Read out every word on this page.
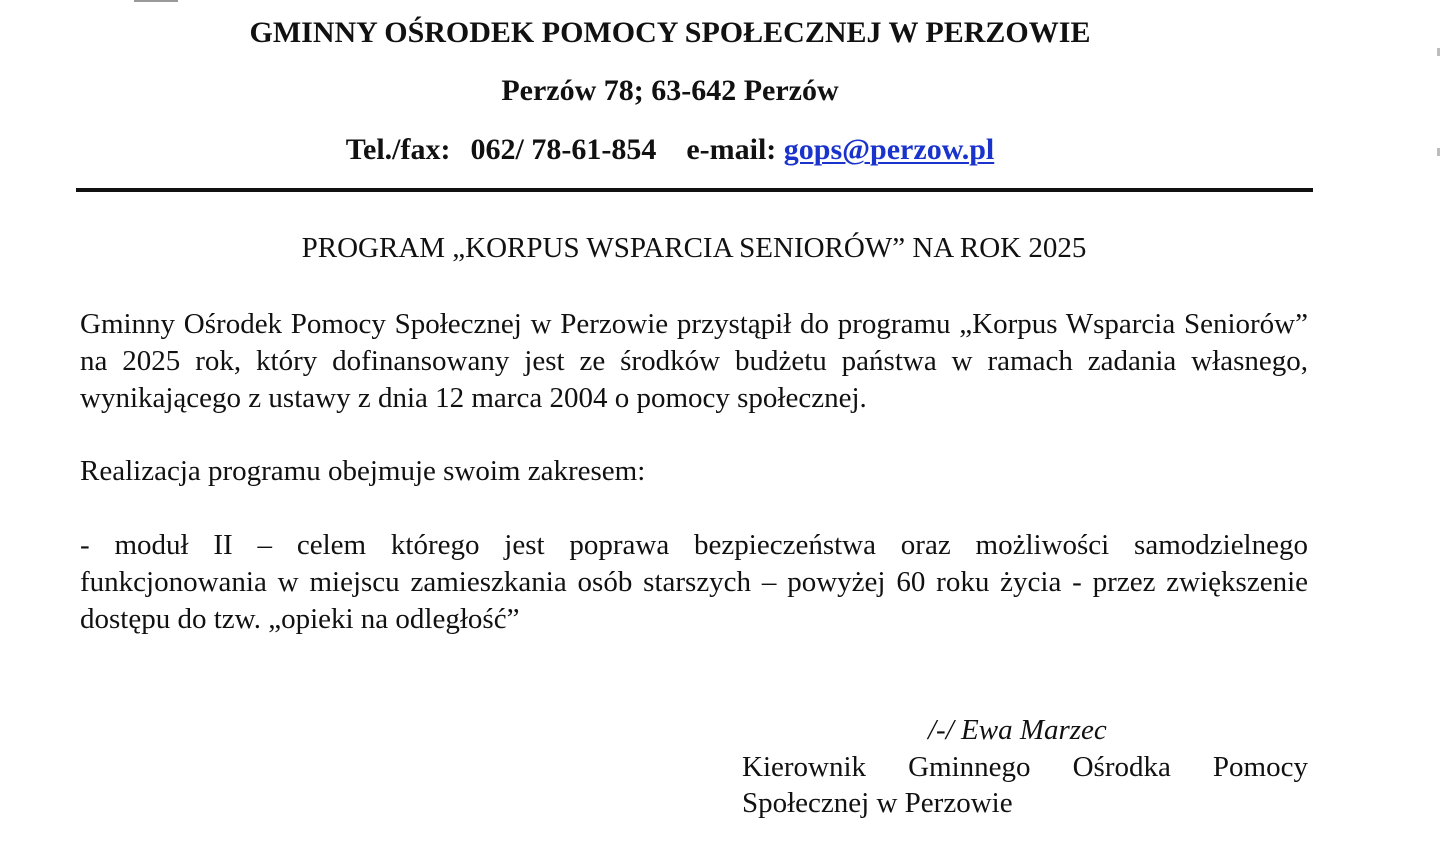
GMINNY OŚRODEK POMOCY SPOŁECZNEJ W PERZOWIE
Perzów 78; 63-642 Perzów
Tel./fax: 062/ 78-61-854 e-mail: gops@perzow.pl
PROGRAM „KORPUS WSPARCIA SENIORÓW” NA ROK 2025

Gminny Ośrodek Pomocy Społecznej w Perzowie przystąpił do programu „Korpus Wsparcia Seniorów” na 2025 rok, który dofinansowany jest ze środków budżetu państwa w ramach zadania własnego, wynikającego z ustawy z dnia 12 marca 2004 o pomocy społecznej.

Realizacja programu obejmuje swoim zakresem:

- moduł II – celem którego jest poprawa bezpieczeństwa oraz możliwości samodzielnego funkcjonowania w miejscu zamieszkania osób starszych – powyżej 60 roku życia - przez zwiększenie dostępu do tzw. „opieki na odległość”

/-/ Ewa Marzec

Kierownik Gminnego Ośrodka Pomocy Społecznej w Perzowie
